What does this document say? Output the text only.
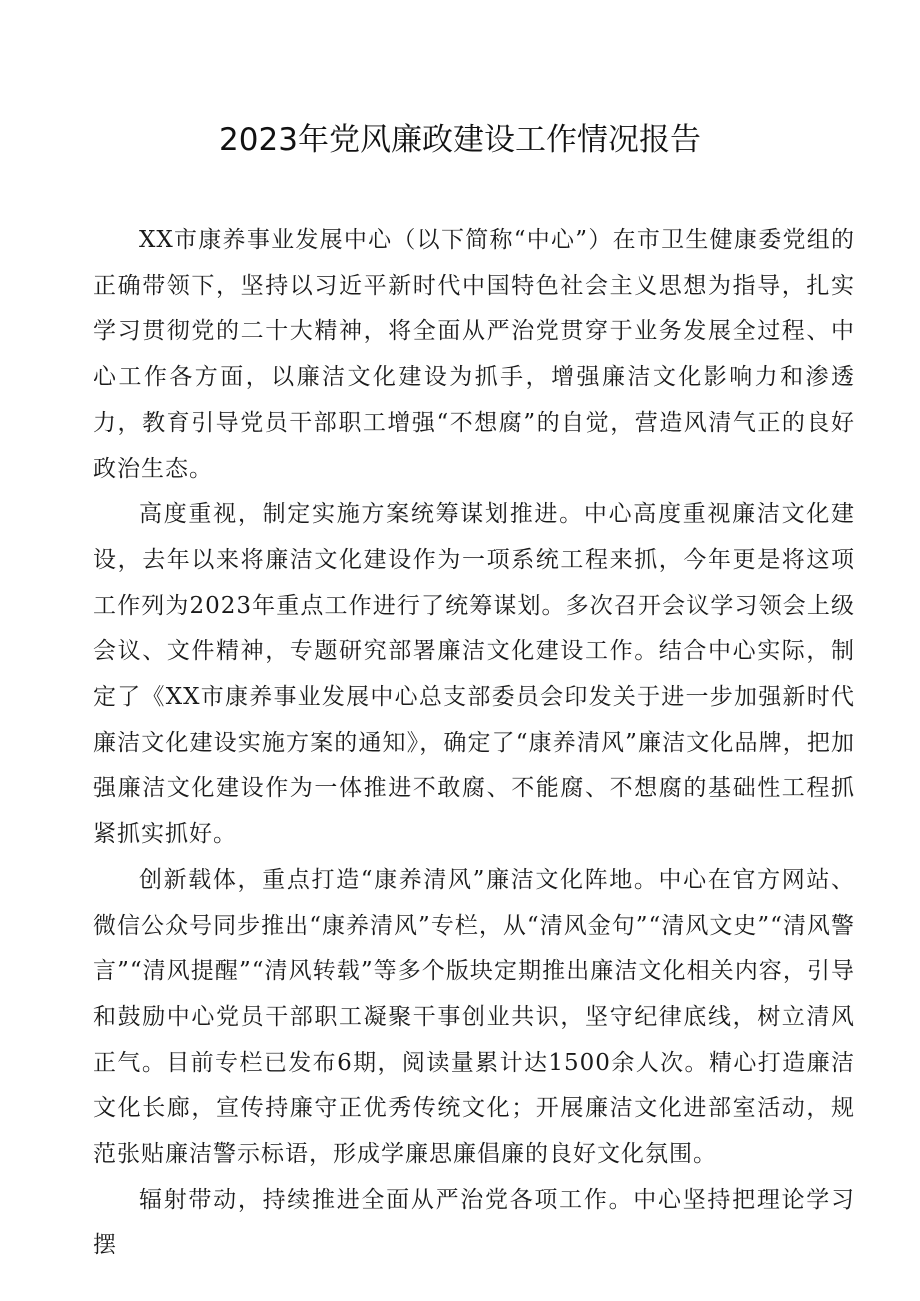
2023年党风廉政建设工作情况报告

XX市康养事业发展中心（以下简称“中心”）在市卫生健康委党组的正确带领下，坚持以习近平新时代中国特色社会主义思想为指导，扎实学习贯彻党的二十大精神，将全面从严治党贯穿于业务发展全过程、中心工作各方面，以廉洁文化建设为抓手，增强廉洁文化影响力和渗透力，教育引导党员干部职工增强“不想腐”的自觉，营造风清气正的良好政治生态。

高度重视，制定实施方案统筹谋划推进。中心高度重视廉洁文化建设，去年以来将廉洁文化建设作为一项系统工程来抓，今年更是将这项工作列为2023年重点工作进行了统筹谋划。多次召开会议学习领会上级会议、文件精神，专题研究部署廉洁文化建设工作。结合中心实际，制定了《XX市康养事业发展中心总支部委员会印发关于进一步加强新时代廉洁文化建设实施方案的通知》，确定了“康养清风”廉洁文化品牌，把加强廉洁文化建设作为一体推进不敢腐、不能腐、不想腐的基础性工程抓紧抓实抓好。

创新载体，重点打造“康养清风”廉洁文化阵地。中心在官方网站、微信公众号同步推出“康养清风”专栏，从“清风金句”“清风文史”“清风警言”“清风提醒”“清风转载”等多个版块定期推出廉洁文化相关内容，引导和鼓励中心党员干部职工凝聚干事创业共识，坚守纪律底线，树立清风正气。目前专栏已发布6期，阅读量累计达1500余人次。精心打造廉洁文化长廊，宣传持廉守正优秀传统文化；开展廉洁文化进部室活动，规范张贴廉洁警示标语，形成学廉思廉倡廉的良好文化氛围。

辐射带动，持续推进全面从严治党各项工作。中心坚持把理论学习摆
